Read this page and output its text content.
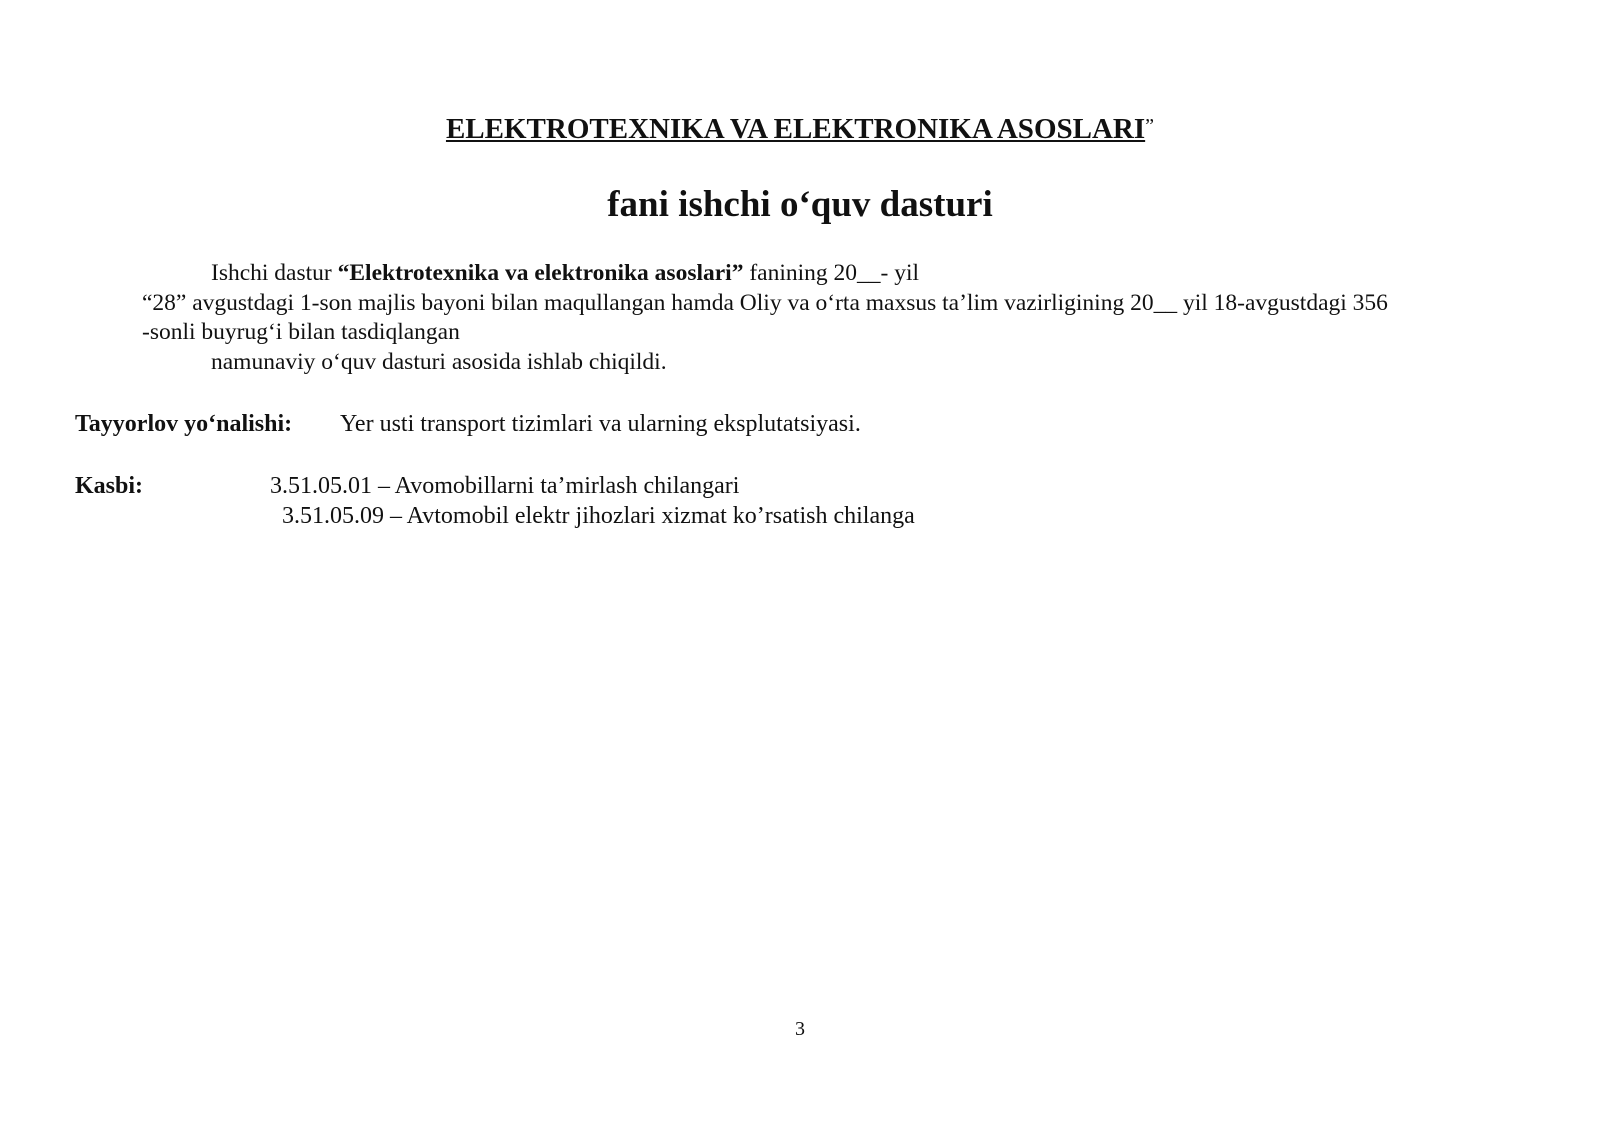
ELEKTROTEXNIKA VA ELEKTRONIKA ASOSLARI”
fani ishchi o‘quv dasturi
Ishchi dastur “Elektrotexnika va elektronika asoslari” fanining 20__- yil
“28” avgustdagi 1-son majlis bayoni bilan maqullangan hamda Oliy va o‘rta maxsus ta’lim vazirligining 20__ yil 18-avgustdagi 356
-sonli buyrug‘i bilan tasdiqlangan
namunaviy o‘quv dasturi asosida ishlab chiqildi.
Tayyorlov yo‘nalishi: Yer usti transport tizimlari va ularning eksplutatsiyasi.
Kasbi:	3.51.05.01 – Avomobillarni ta’mirlash chilangari
3.51.05.09 – Avtomobil elektr jihozlari xizmat ko’rsatish chilanga
3
